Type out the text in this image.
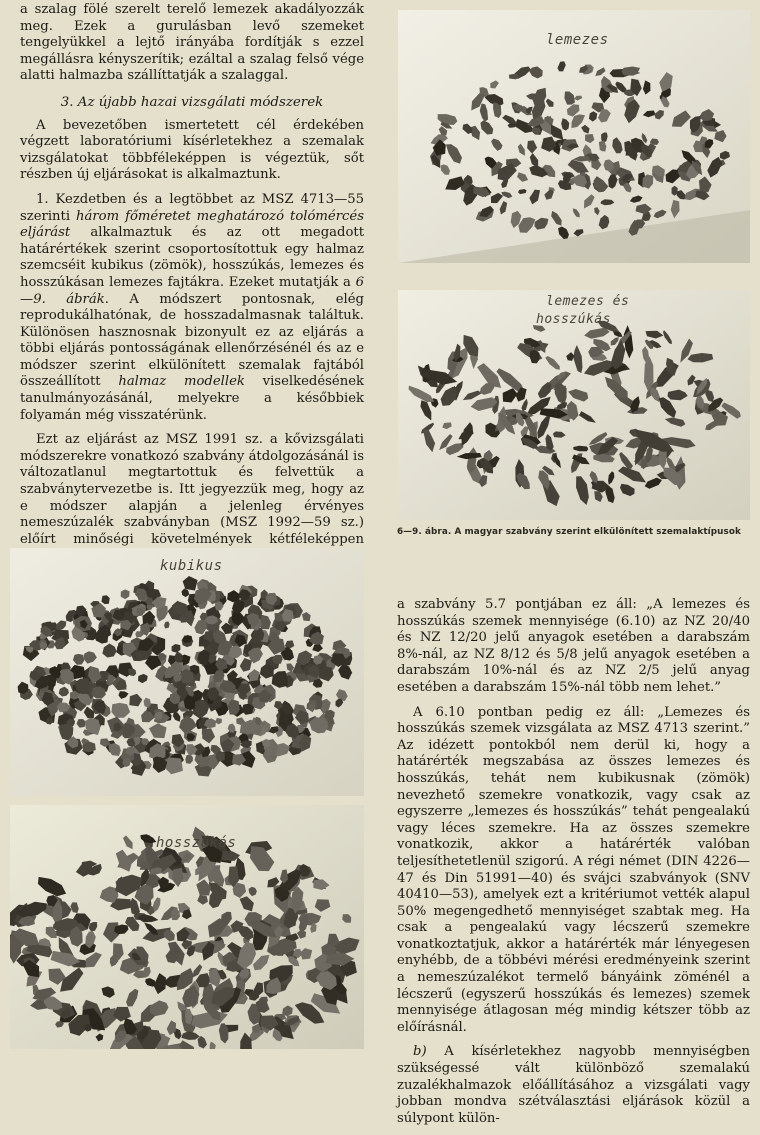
a szalag fölé szerelt terelő lemezek akadályozzák meg. Ezek a gurulásban levő szemeket tengelyükkel a lejtő irányába fordítják s ezzel megállásra kényszerítik; ezáltal a szalag felső vége alatti halmazba szállíttatják a szalaggal.

3. Az újabb hazai vizsgálati módszerek

A bevezetőben ismertetett cél érdekében végzett laboratóriumi kísérletekhez a szemalak vizsgálatokat többféleképpen is végeztük, sőt részben új eljárásokat is alkalmaztunk.

1. Kezdetben és a legtöbbet az MSZ 4713—55 szerinti három főméretet meghatározó tolómércés eljárást alkalmaztuk és az ott megadott határértékek szerint csoportosítottuk egy halmaz szemcséit kubikus (zömök), hosszúkás, lemezes és hosszúkásan lemezes fajtákra. Ezeket mutatják a 6—9. ábrák. A módszert pontosnak, elég reprodukálhatónak, de hosszadalmasnak találtuk. Különösen hasznosnak bizonyult ez az eljárás a többi eljárás pontosságának ellenőrzésénél és az e módszer szerint elkülönített szemalak fajtából összeállított halmaz modellek viselkedésének tanulmányozásánál, melyekre a későbbiek folyamán még visszatérünk.

Ezt az eljárást az MSZ 1991 sz. a kővizsgálati módszerekre vonatkozó szabvány átdolgozásánál is változatlanul megtartottuk és felvettük a szabványtervezetbe is. Itt jegyezzük meg, hogy az e módszer alapján a jelenleg érvényes nemeszúzalék szabványban (MSZ 1992—59 sz.) előírt minőségi követelmények kétféleképpen

lemezes
lemezes és
hosszúkás
6—9. ábra. A magyar szabvány szerint elkülönített szemalaktípusok
kubikus
hosszúkás

a szabvány 5.7 pontjában ez áll: „A lemezes és hosszúkás szemek mennyisége (6.10) az NZ 20/40 és NZ 12/20 jelű anyagok esetében a darabszám 8%-nál, az NZ 8/12 és 5/8 jelű anyagok esetében a darabszám 10%-nál és az NZ 2/5 jelű anyag esetében a darabszám 15%-nál több nem lehet.”

A 6.10 pontban pedig ez áll: „Lemezes és hosszúkás szemek vizsgálata az MSZ 4713 szerint.” Az idézett pontokból nem derül ki, hogy a határérték megszabása az összes lemezes és hosszúkás, tehát nem kubikusnak (zömök) nevezhető szemekre vonatkozik, vagy csak az egyszerre „lemezes és hosszúkás” tehát pengealakú vagy léces szemekre. Ha az összes szemekre vonatkozik, akkor a határérték valóban teljesíthetetlenül szigorú. A régi német (DIN 4226—47 és Din 51991—40) és svájci szabványok (SNV 40410—53), amelyek ezt a kritériumot vették alapul 50% megengedhető mennyiséget szabtak meg. Ha csak a pengealakú vagy lécszerű szemekre vonatkoztatjuk, akkor a határérték már lényegesen enyhébb, de a többévi mérési eredményeink szerint a nemeszúzalékot termelő bányáink zöménél a lécszerű (egyszerű hosszúkás és lemezes) szemek mennyisége átlagosan még mindig kétszer több az előírásnál.

b) A kísérletekhez nagyobb mennyiségben szükségessé vált különböző szemalakú zuzalékhalmazok előállításához a vizsgálati vagy jobban mondva szétválasztási eljárások közül a súlypont külön-
